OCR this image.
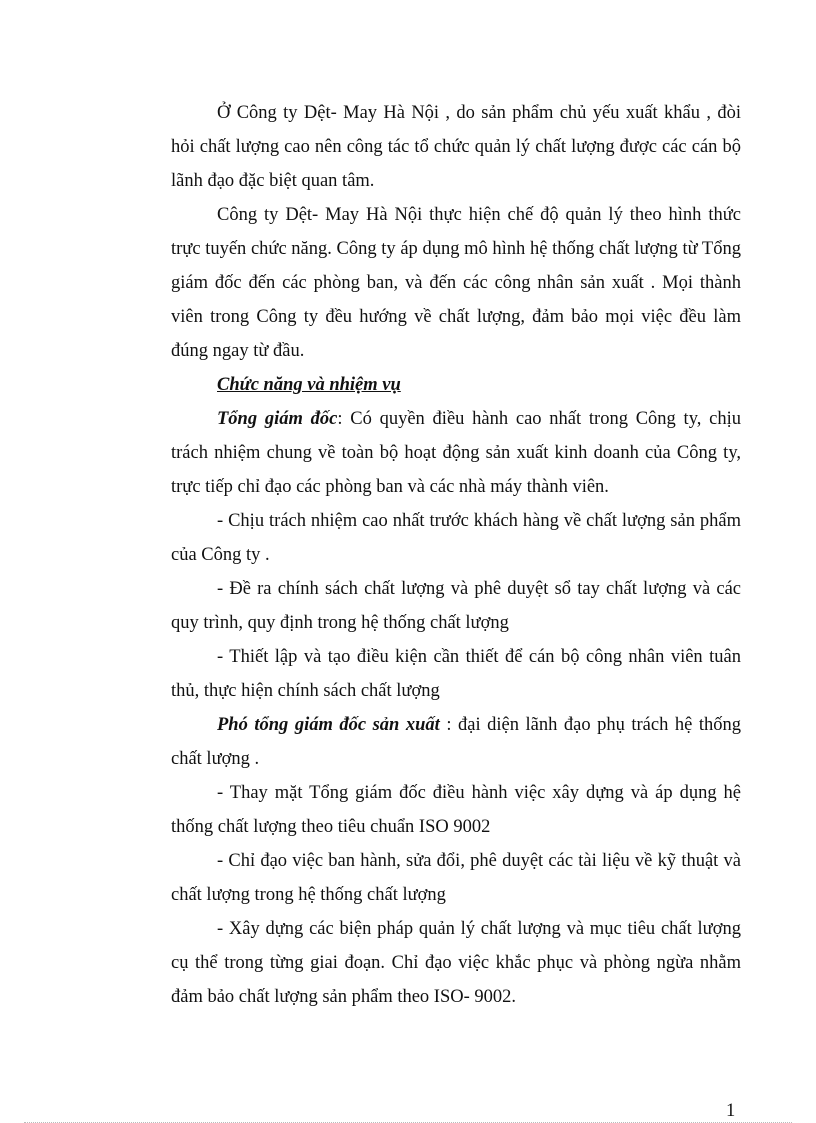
Ở Công ty Dệt- May Hà Nội , do sản phẩm chủ yếu xuất khẩu , đòi hỏi chất lượng cao nên công tác tổ chức quản lý chất lượng được các cán bộ lãnh đạo đặc biệt quan tâm.

Công ty Dệt- May Hà Nội thực hiện chế độ quản lý theo hình thức trực tuyến chức năng. Công ty áp dụng mô hình hệ thống chất lượng từ Tổng giám đốc đến các phòng ban, và đến các công nhân sản xuất . Mọi thành viên trong Công ty đều hướng về chất lượng, đảm bảo mọi việc đều làm đúng ngay từ đầu.

Chức năng và nhiệm vụ

Tổng giám đốc: Có quyền điều hành cao nhất trong Công ty, chịu trách nhiệm chung về toàn bộ hoạt động sản xuất kinh doanh của Công ty, trực tiếp chỉ đạo các phòng ban và các nhà máy thành viên.

- Chịu trách nhiệm cao nhất trước khách hàng về chất lượng sản phẩm của Công ty .

- Đề ra chính sách chất lượng và phê duyệt sổ tay chất lượng và các quy trình, quy định trong hệ thống chất lượng

- Thiết lập và tạo điều kiện cần thiết để cán bộ công nhân viên tuân thủ, thực hiện chính sách chất lượng

Phó tổng giám đốc sản xuất : đại diện lãnh đạo phụ trách hệ thống chất lượng .

- Thay mặt Tổng giám đốc điều hành việc xây dựng và áp dụng hệ thống chất lượng theo tiêu chuẩn ISO 9002

- Chỉ đạo việc ban hành, sửa đổi, phê duyệt các tài liệu về kỹ thuật và chất lượng trong hệ thống chất lượng

- Xây dựng các biện pháp quản lý chất lượng và mục tiêu chất lượng cụ thể trong từng giai đoạn. Chỉ đạo việc khắc phục và phòng ngừa nhằm đảm bảo chất lượng sản phẩm theo ISO- 9002.

1
